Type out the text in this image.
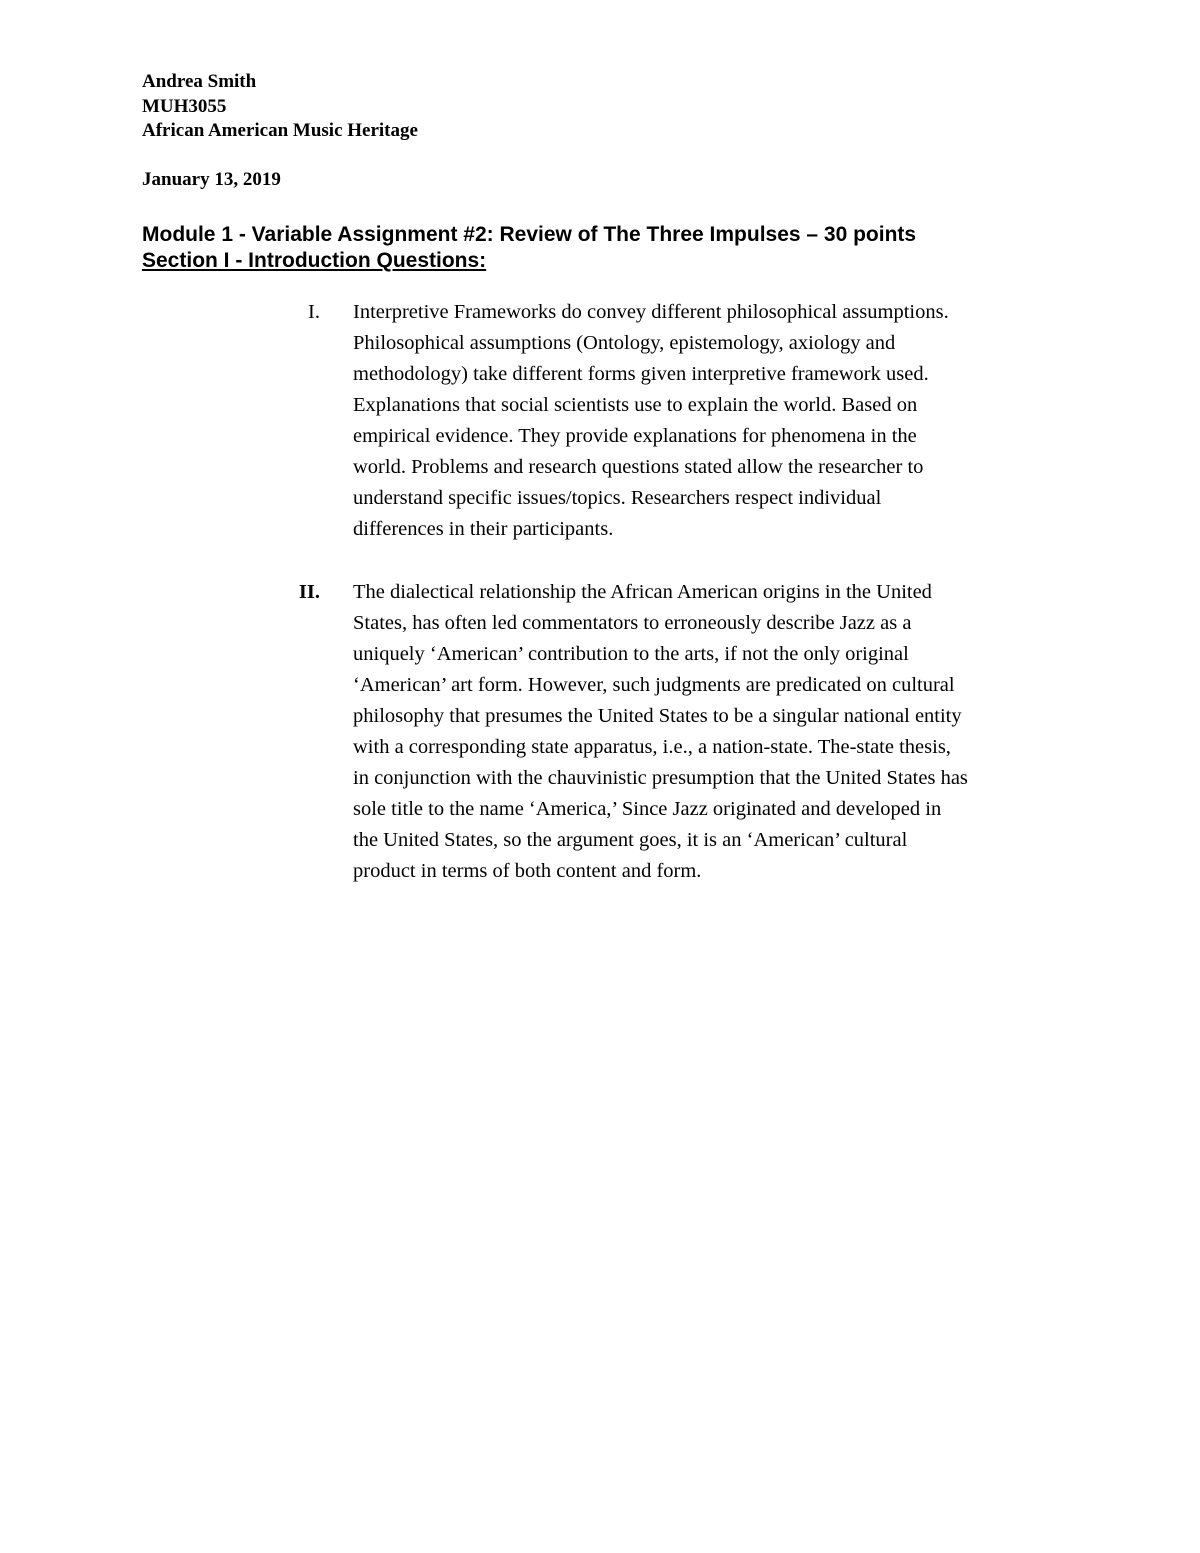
Andrea Smith
MUH3055
African American Music Heritage
January 13, 2019
Module 1 - Variable Assignment #2: Review of The Three Impulses – 30 points
Section I - Introduction Questions:
I. Interpretive Frameworks do convey different philosophical assumptions.
Philosophical assumptions (Ontology, epistemology, axiology and
methodology) take different forms given interpretive framework used.
Explanations that social scientists use to explain the world. Based on
empirical evidence. They provide explanations for phenomena in the
world. Problems and research questions stated allow the researcher to
understand specific issues/topics. Researchers respect individual
differences in their participants.
II. The dialectical relationship the African American origins in the United
States, has often led commentators to erroneously describe Jazz as a
uniquely ‘American’ contribution to the arts, if not the only original
‘American’ art form. However, such judgments are predicated on cultural
philosophy that presumes the United States to be a singular national entity
with a corresponding state apparatus, i.e., a nation-state. The-state thesis,
in conjunction with the chauvinistic presumption that the United States has
sole title to the name ‘America,’ Since Jazz originated and developed in
the United States, so the argument goes, it is an ‘American’ cultural
product in terms of both content and form.
